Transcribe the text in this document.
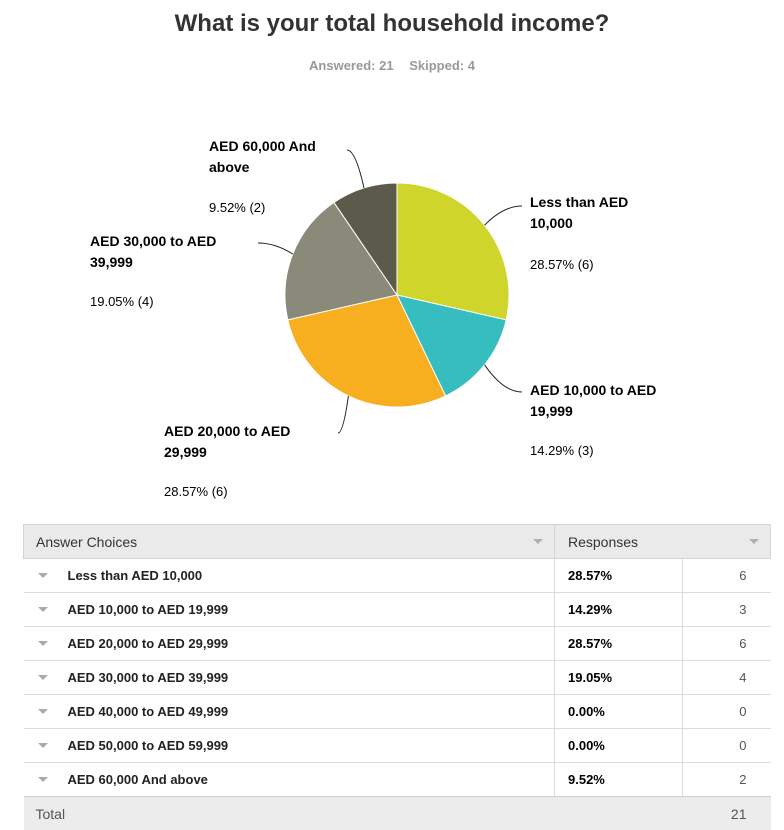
What is your total household income?
Answered: 21 Skipped: 4
Less than AED
10,000
28.57% (6)
AED 10,000 to AED
19,999
14.29% (3)
AED 20,000 to AED
29,999
28.57% (6)
AED 30,000 to AED
39,999
19.05% (4)
AED 60,000 And
above
9.52% (2)
Answer Choices	Responses	

Less than AED 10,000	28.57%	6

AED 10,000 to AED 19,999	14.29%	3

AED 20,000 to AED 29,999	28.57%	6

AED 30,000 to AED 39,999	19.05%	4

AED 40,000 to AED 49,999	0.00%	0

AED 50,000 to AED 59,999	0.00%	0

AED 60,000 And above	9.52%	2
Total		21
